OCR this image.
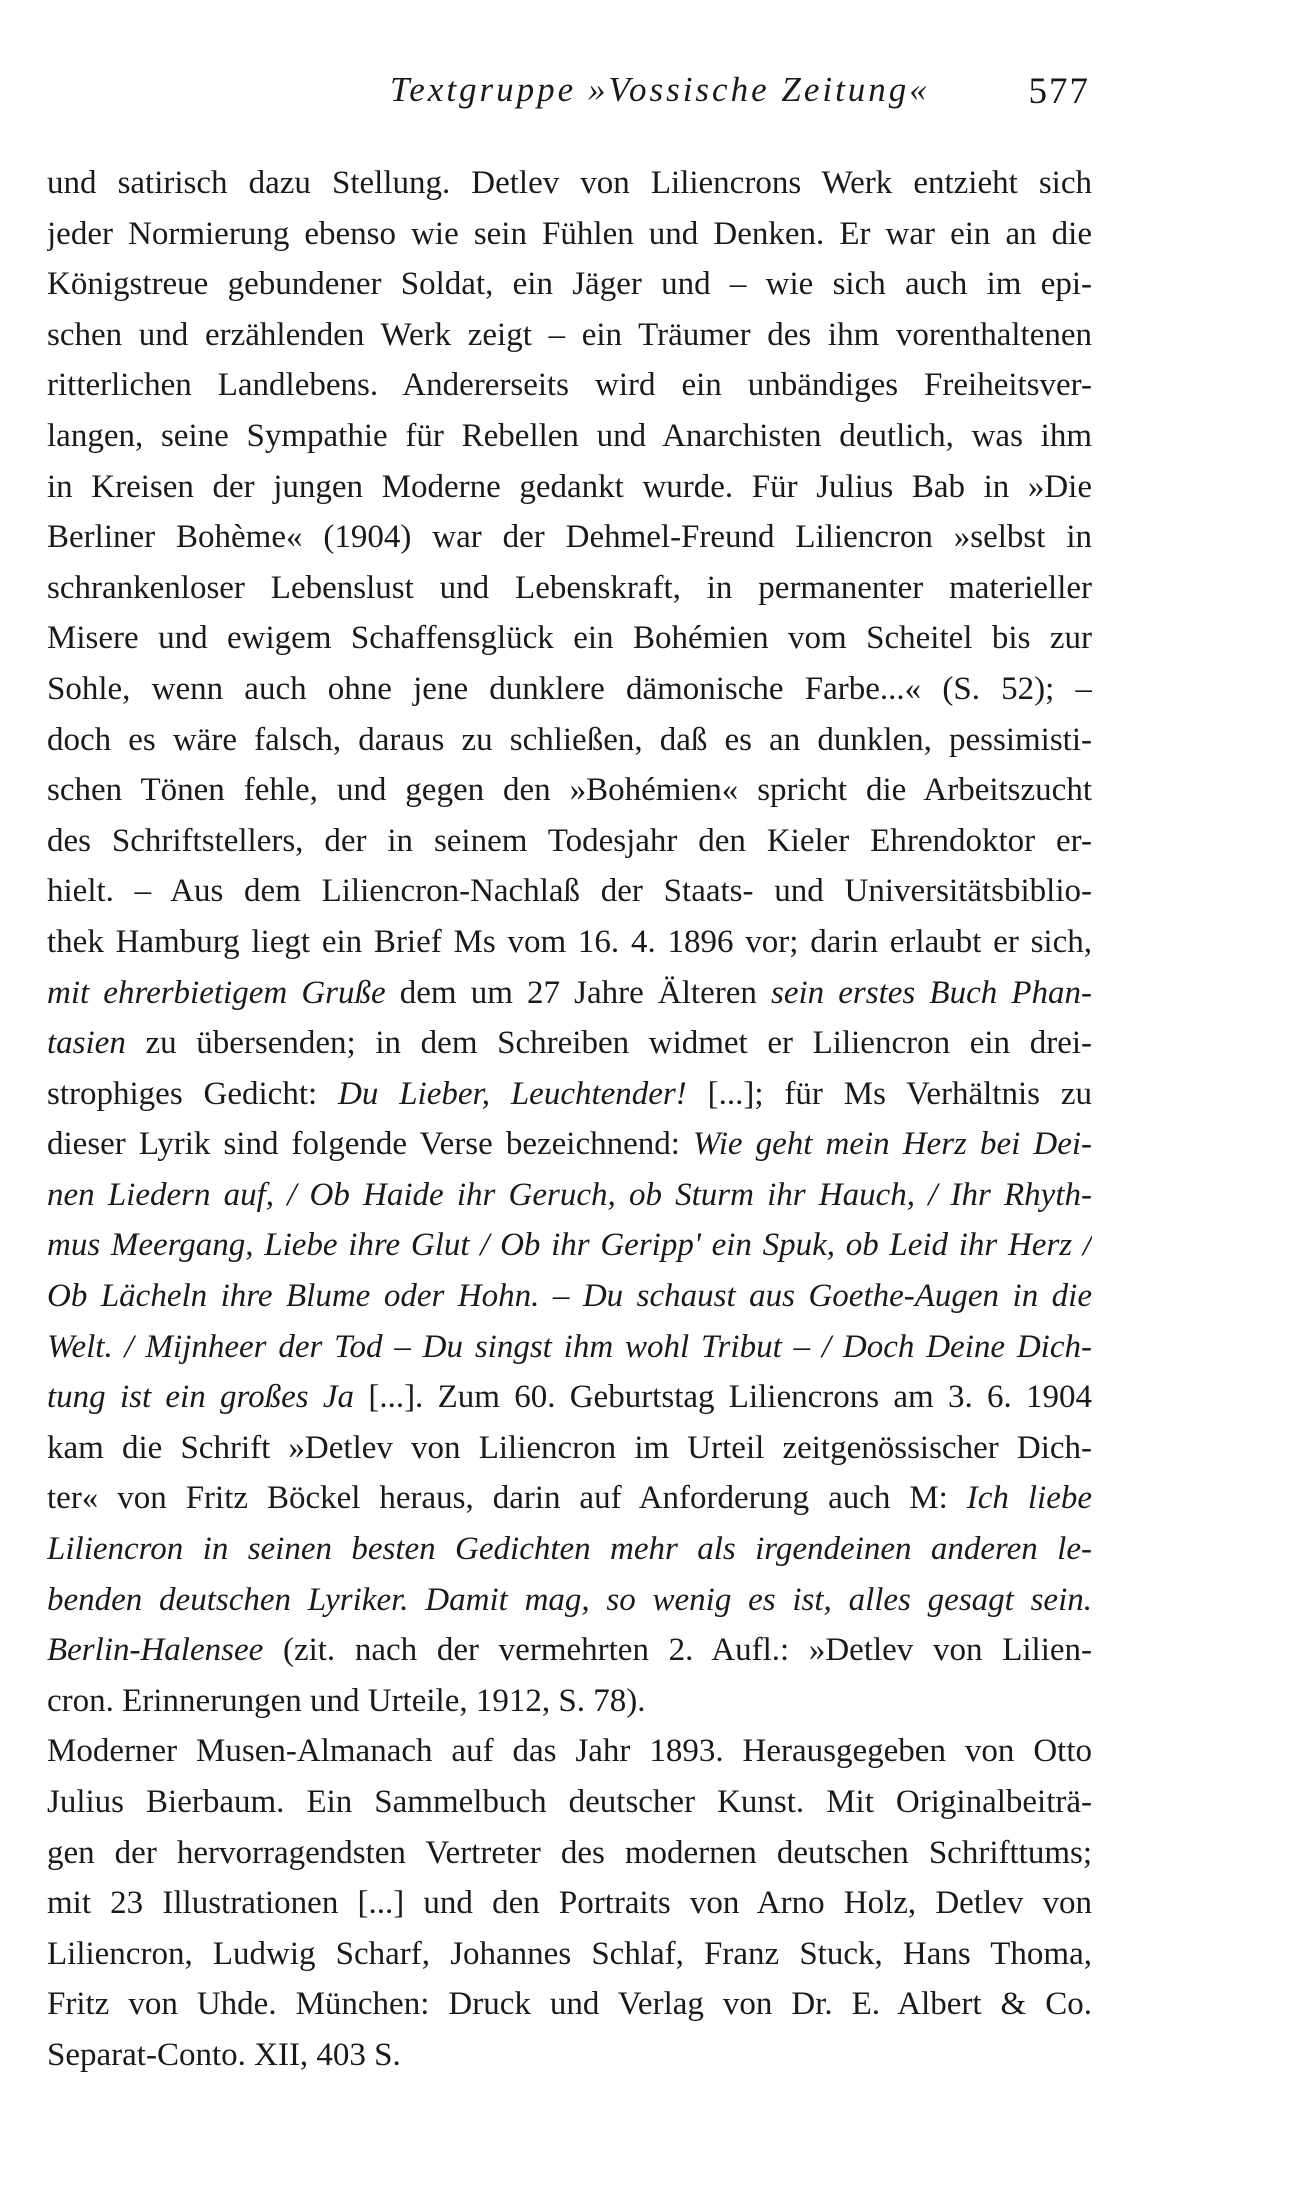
Textgruppe »Vossische Zeitung«	577
und satirisch dazu Stellung. Detlev von Liliencrons Werk entzieht sich
jeder Normierung ebenso wie sein Fühlen und Denken. Er war ein an die
Königstreue gebundener Soldat, ein Jäger und – wie sich auch im epi-
schen und erzählenden Werk zeigt – ein Träumer des ihm vorenthaltenen
ritterlichen Landlebens. Andererseits wird ein unbändiges Freiheitsver-
langen, seine Sympathie für Rebellen und Anarchisten deutlich, was ihm
in Kreisen der jungen Moderne gedankt wurde. Für Julius Bab in »Die
Berliner Bohème« (1904) war der Dehmel-Freund Liliencron »selbst in
schrankenloser Lebenslust und Lebenskraft, in permanenter materieller
Misere und ewigem Schaffensglück ein Bohémien vom Scheitel bis zur
Sohle, wenn auch ohne jene dunklere dämonische Farbe...« (S. 52); –
doch es wäre falsch, daraus zu schließen, daß es an dunklen, pessimisti-
schen Tönen fehle, und gegen den »Bohémien« spricht die Arbeitszucht
des Schriftstellers, der in seinem Todesjahr den Kieler Ehrendoktor er-
hielt. – Aus dem Liliencron-Nachlaß der Staats- und Universitätsbiblio-
thek Hamburg liegt ein Brief Ms vom 16. 4. 1896 vor; darin erlaubt er sich,
mit ehrerbietigem Gruße dem um 27 Jahre Älteren sein erstes Buch Phan-
tasien zu übersenden; in dem Schreiben widmet er Liliencron ein drei-
strophiges Gedicht: Du Lieber, Leuchtender! [...]; für Ms Verhältnis zu
dieser Lyrik sind folgende Verse bezeichnend: Wie geht mein Herz bei Dei-
nen Liedern auf, / Ob Haide ihr Geruch, ob Sturm ihr Hauch, / Ihr Rhyth-
mus Meergang, Liebe ihre Glut / Ob ihr Geripp' ein Spuk, ob Leid ihr Herz /
Ob Lächeln ihre Blume oder Hohn. – Du schaust aus Goethe-Augen in die
Welt. / Mijnheer der Tod – Du singst ihm wohl Tribut – / Doch Deine Dich-
tung ist ein großes Ja [...]. Zum 60. Geburtstag Liliencrons am 3. 6. 1904
kam die Schrift »Detlev von Liliencron im Urteil zeitgenössischer Dich-
ter« von Fritz Böckel heraus, darin auf Anforderung auch M: Ich liebe
Liliencron in seinen besten Gedichten mehr als irgendeinen anderen le-
benden deutschen Lyriker. Damit mag, so wenig es ist, alles gesagt sein.
Berlin-Halensee (zit. nach der vermehrten 2. Aufl.: »Detlev von Lilien-
cron. Erinnerungen und Urteile, 1912, S. 78).
Moderner Musen-Almanach auf das Jahr 1893. Herausgegeben von Otto
Julius Bierbaum. Ein Sammelbuch deutscher Kunst. Mit Originalbeiträ-
gen der hervorragendsten Vertreter des modernen deutschen Schrifttums;
mit 23 Illustrationen [...] und den Portraits von Arno Holz, Detlev von
Liliencron, Ludwig Scharf, Johannes Schlaf, Franz Stuck, Hans Thoma,
Fritz von Uhde. München: Druck und Verlag von Dr. E. Albert & Co.
Separat-Conto. XII, 403 S.
